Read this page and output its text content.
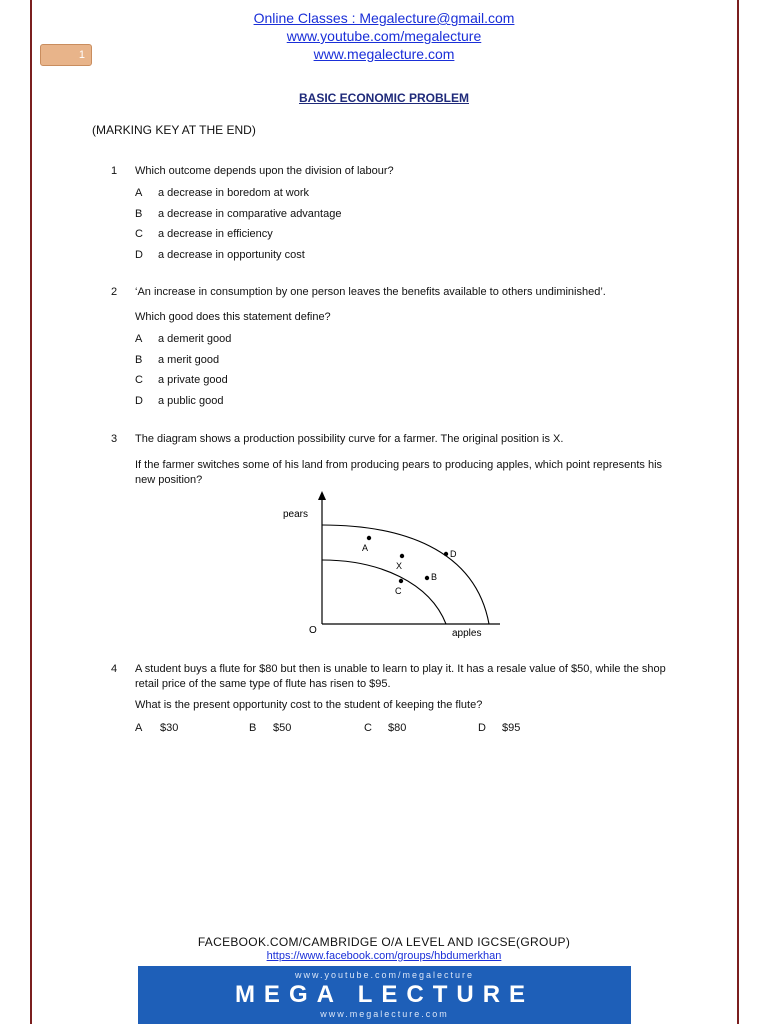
1
Online Classes : Megalecture@gmail.com
www.youtube.com/megalecture
www.megalecture.com
BASIC ECONOMIC PROBLEM
(MARKING KEY AT THE END)
1 Which outcome depends upon the division of labour?
A a decrease in boredom at work
B a decrease in comparative advantage
C a decrease in efficiency
D a decrease in opportunity cost
2 ‘An increase in consumption by one person leaves the benefits available to others undiminished’.
Which good does this statement define?
A a demerit good
B a merit good
C a private good
D a public good
3 The diagram shows a production possibility curve for a farmer. The original position is X.
If the farmer switches some of his land from producing pears to producing apples, which point represents his new position?
pears
apples
O
A
D
X
B
C
4 A student buys a flute for $80 but then is unable to learn to play it. It has a resale value of $50, while the shop retail price of the same type of flute has risen to $95.
What is the present opportunity cost to the student of keeping the flute?
A $30	B $50	C $80	D $95
FACEBOOK.COM/CAMBRIDGE O/A LEVEL AND IGCSE(GROUP)
https://www.facebook.com/groups/hbdumerkhan
www.youtube.com/megalecture
MEGA LECTURE
www.megalecture.com
